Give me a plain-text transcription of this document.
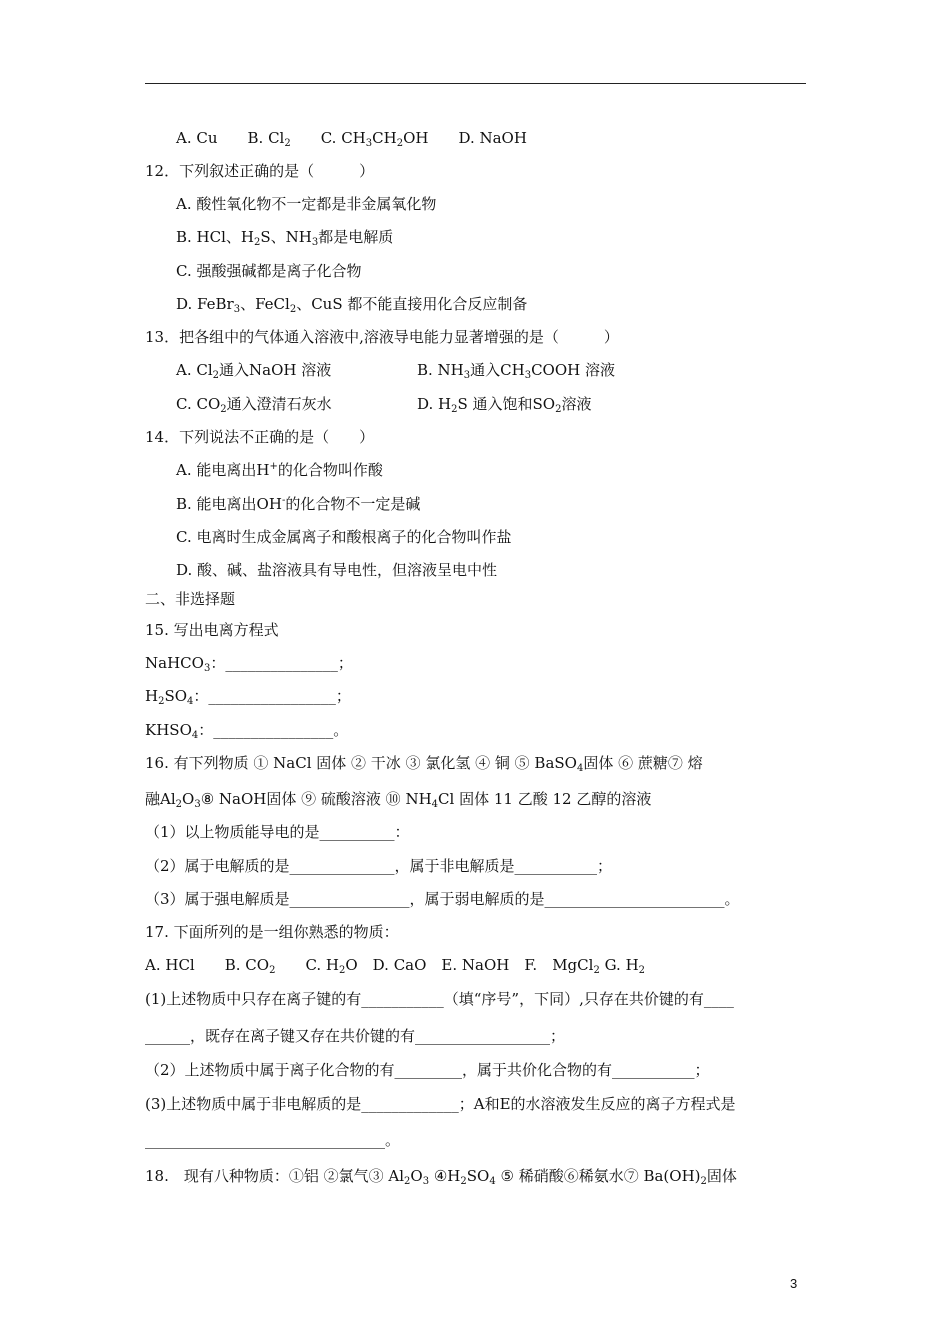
A. Cu　　B. $Cl_2$　　C. $CH_3CH_2OH$　　D. NaOH
12．下列叙述正确的是（　　　）
A. 酸性氧化物不一定都是非金属氧化物
B. HCl、$H_2S$、$NH_3$都是电解质
C. 强酸强碱都是离子化合物
D. FeBr$_3$、FeCl$_2$、CuS 都不能直接用化合反应制备
13．把各组中的气体通入溶液中,溶液导电能力显著增强的是（　　　）
A. $Cl_2$通入NaOH 溶液	B. $NH_3$通入$CH_3COOH$ 溶液
C. $CO_2$通入澄清石灰水	D. $H_2S$ 通入饱和$SO_2$溶液
14．下列说法不正确的是（　　）
A. 能电离出H+的化合物叫作酸
B. 能电离出OH-的化合物不一定是碱
C. 电离时生成金属离子和酸根离子的化合物叫作盐
D. 酸、碱、盐溶液具有导电性，但溶液呈电中性
二、非选择题
15. 写出电离方程式
NaHCO$_3$：_______________；
$H_2SO_4$：_________________；
$KHSO_4$：________________。
16. 有下列物质 ① NaCl 固体 ② 干冰 ③ 氯化氢 ④ 铜 ⑤ BaSO$_4$固体 ⑥ 蔗糖⑦ 熔
融$Al_2O_3⑧$ NaOH固体 ⑨ 硫酸溶液 ⑩ $NH_4Cl$ 固体 11 乙酸 12 乙醇的溶液
（1）以上物质能导电的是__________：
（2）属于电解质的是______________，属于非电解质是___________；
（3）属于强电解质是________________，属于弱电解质的是________________________。
17. 下面所列的是一组你熟悉的物质：
A. HCl　　B. $CO_2$　　C. $H_2O$　D. CaO　E. NaOH　F.　MgCl$_2$ G. $H_2$
(1)上述物质中只存在离子键的有___________（填“序号”，下同）,只存在共价键的有____
______，既存在离子键又存在共价键的有__________________；
（2）上述物质中属于离子化合物的有_________，属于共价化合物的有___________；
(3)上述物质中属于非电解质的是_____________；A和E的水溶液发生反应的离子方程式是
________________________________。
18.　现有八种物质：①铝 ②氯气③ $Al_2O_3$ $④H_2SO_4$ ⑤ 稀硝酸⑥稀氨水⑦ $Ba(OH)_2$固体
3
